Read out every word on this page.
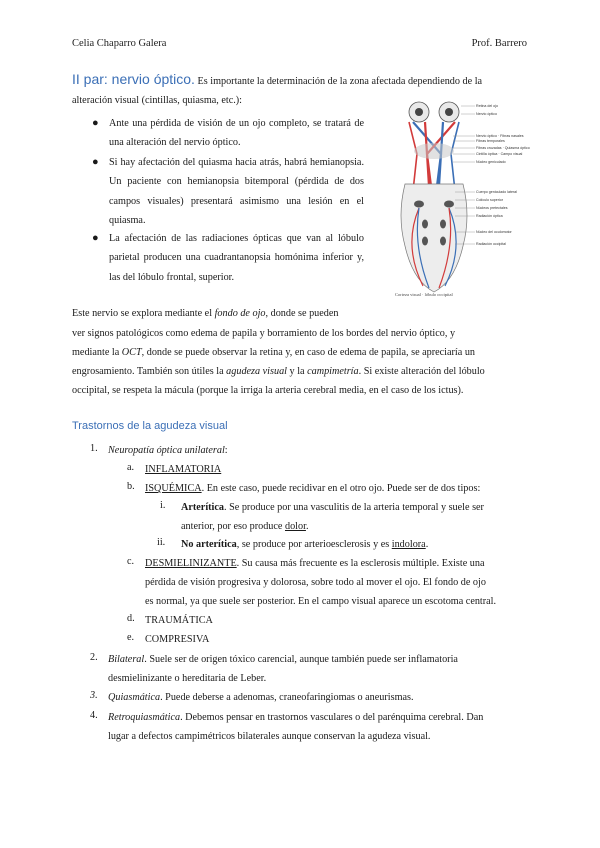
Celia Chaparro Galera	Prof. Barrero
II par: nervio óptico. Es importante la determinación de la zona afectada dependiendo de la
alteración visual (cintillas, quiasma, etc.):
● Ante una pérdida de visión de un ojo completo, se tratará de una alteración del nervio óptico.
● Si hay afectación del quiasma hacia atrás, habrá hemianopsia. Un paciente con hemianopsia bitemporal (pérdida de dos campos visuales) presentará asimismo una lesión en el quiasma.
● La afectación de las radiaciones ópticas que van al lóbulo parietal producen una cuadrantanopsia homónima inferior y, las del lóbulo frontal, superior.
Retina del ojo
Nervio óptico
Nervio óptico · Fibras nasales
Fibras temporales
Fibras cruzadas · Quiasma óptico
Cintilla óptica · Campo visual
Núcleo geniculado
Cuerpo geniculado lateral
Colículo superior
Núcleos pretectales
Radiación óptica
Núcleo del oculomotor
Radiación occipital
Corteza visual · lóbulo occipital
Este nervio se explora mediante el fondo de ojo, donde se pueden
ver signos patológicos como edema de papila y borramiento de los bordes del nervio óptico, y
mediante la OCT, donde se puede observar la retina y, en caso de edema de papila, se apreciaría un
engrosamiento. También son útiles la agudeza visual y la campimetría. Si existe alteración del lóbulo
occipital, se respeta la mácula (porque la irriga la arteria cerebral media, en el caso de los ictus).
Trastornos de la agudeza visual
1. Neuropatía óptica unilateral:
a. INFLAMATORIA
b. ISQUÉMICA. En este caso, puede recidivar en el otro ojo. Puede ser de dos tipos:
i. Arterítica. Se produce por una vasculitis de la arteria temporal y suele ser
anterior, por eso produce dolor.
ii. No arterítica, se produce por arterioesclerosis y es indolora.
c. DESMIELINIZANTE. Su causa más frecuente es la esclerosis múltiple. Existe una
pérdida de visión progresiva y dolorosa, sobre todo al mover el ojo. El fondo de ojo
es normal, ya que suele ser posterior. En el campo visual aparece un escotoma central.
d. TRAUMÁTICA
e. COMPRESIVA
2. Bilateral. Suele ser de origen tóxico carencial, aunque también puede ser inflamatoria
desmielinizante o hereditaria de Leber.
3. Quiasmática. Puede deberse a adenomas, craneofaringiomas o aneurismas.
4. Retroquiasmática. Debemos pensar en trastornos vasculares o del parénquima cerebral. Dan
lugar a defectos campimétricos bilaterales aunque conservan la agudeza visual.
